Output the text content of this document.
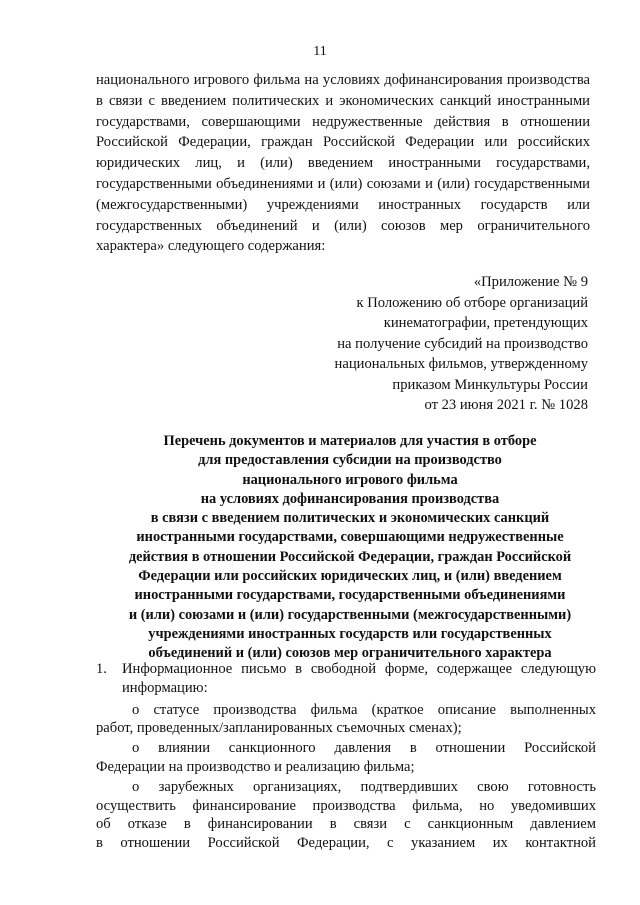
11

национального игрового фильма на условиях дофинансирования производства в связи с введением политических и экономических санкций иностранными государствами, совершающими недружественные действия в отношении Российской Федерации, граждан Российской Федерации или российских юридических лиц, и (или) введением иностранными государствами, государственными объединениями и (или) союзами и (или) государственными (межгосударственными) учреждениями иностранных государств или государственных объединений и (или) союзов мер ограничительного характера» следующего содержания:

«Приложение № 9
к Положению об отборе организаций
кинематографии, претендующих
на получение субсидий на производство
национальных фильмов, утвержденному
приказом Минкультуры России
от 23 июня 2021 г. № 1028
Перечень документов и материалов для участия в отборе
для предоставления субсидии на производство
национального игрового фильма
на условиях дофинансирования производства
в связи с введением политических и экономических санкций
иностранными государствами, совершающими недружественные
действия в отношении Российской Федерации, граждан Российской
Федерации или российских юридических лиц, и (или) введением
иностранными государствами, государственными объединениями
и (или) союзами и (или) государственными (межгосударственными)
учреждениями иностранных государств или государственных
объединений и (или) союзов мер ограничительного характера
1. Информационное письмо в свободной форме, содержащее следующую
информацию:
о статусе производства фильма (краткое описание выполненных
работ, проведенных/запланированных съемочных сменах);
о влиянии санкционного давления в отношении Российской
Федерации на производство и реализацию фильма;
о зарубежных организациях, подтвердивших свою готовность
осуществить финансирование производства фильма, но уведомивших
об отказе в финансировании в связи с санкционным давлением
в отношении Российской Федерации, с указанием их контактной
